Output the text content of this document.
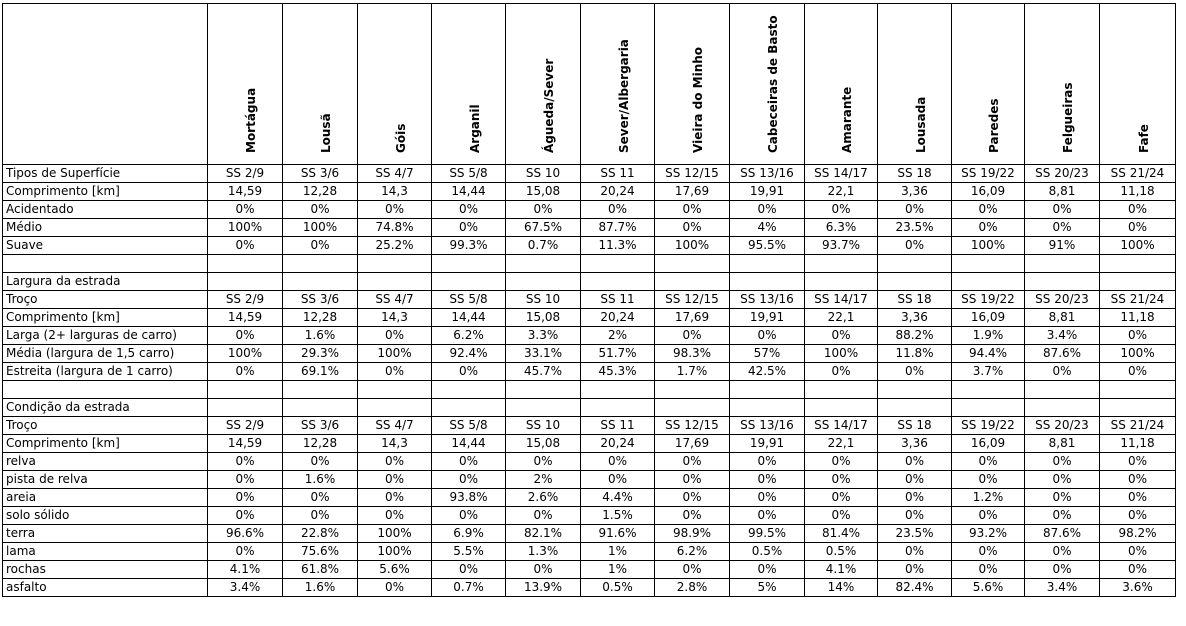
	Mortágua	Lousã	Góis	Arganil	Águeda/Sever	Sever/Albergaria	Vieira do Minho	Cabeceiras de Basto	Amarante	Lousada	Paredes	Felgueiras	Fafe

Tipos de Superfície	SS 2/9	SS 3/6	SS 4/7	SS 5/8	SS 10	SS 11	SS 12/15	SS 13/16	SS 14/17	SS 18	SS 19/22	SS 20/23	SS 21/24
Comprimento [km]	14,59	12,28	14,3	14,44	15,08	20,24	17,69	19,91	22,1	3,36	16,09	8,81	11,18
Acidentado	0%	0%	0%	0%	0%	0%	0%	0%	0%	0%	0%	0%	0%
Médio	100%	100%	74.8%	0%	67.5%	87.7%	0%	4%	6.3%	23.5%	0%	0%	0%
Suave	0%	0%	25.2%	99.3%	0.7%	11.3%	100%	95.5%	93.7%	0%	100%	91%	100%

Largura da estrada													
Troço	SS 2/9	SS 3/6	SS 4/7	SS 5/8	SS 10	SS 11	SS 12/15	SS 13/16	SS 14/17	SS 18	SS 19/22	SS 20/23	SS 21/24
Comprimento [km]	14,59	12,28	14,3	14,44	15,08	20,24	17,69	19,91	22,1	3,36	16,09	8,81	11,18
Larga (2+ larguras de carro)	0%	1.6%	0%	6.2%	3.3%	2%	0%	0%	0%	88.2%	1.9%	3.4%	0%
Média (largura de 1,5 carro)	100%	29.3%	100%	92.4%	33.1%	51.7%	98.3%	57%	100%	11.8%	94.4%	87.6%	100%
Estreita (largura de 1 carro)	0%	69.1%	0%	0%	45.7%	45.3%	1.7%	42.5%	0%	0%	3.7%	0%	0%

Condição da estrada													
Troço	SS 2/9	SS 3/6	SS 4/7	SS 5/8	SS 10	SS 11	SS 12/15	SS 13/16	SS 14/17	SS 18	SS 19/22	SS 20/23	SS 21/24
Comprimento [km]	14,59	12,28	14,3	14,44	15,08	20,24	17,69	19,91	22,1	3,36	16,09	8,81	11,18
relva	0%	0%	0%	0%	0%	0%	0%	0%	0%	0%	0%	0%	0%
pista de relva	0%	1.6%	0%	0%	2%	0%	0%	0%	0%	0%	0%	0%	0%
areia	0%	0%	0%	93.8%	2.6%	4.4%	0%	0%	0%	0%	1.2%	0%	0%
solo sólido	0%	0%	0%	0%	0%	1.5%	0%	0%	0%	0%	0%	0%	0%
terra	96.6%	22.8%	100%	6.9%	82.1%	91.6%	98.9%	99.5%	81.4%	23.5%	93.2%	87.6%	98.2%
lama	0%	75.6%	100%	5.5%	1.3%	1%	6.2%	0.5%	0.5%	0%	0%	0%	0%
rochas	4.1%	61.8%	5.6%	0%	0%	1%	0%	0%	4.1%	0%	0%	0%	0%
asfalto	3.4%	1.6%	0%	0.7%	13.9%	0.5%	2.8%	5%	14%	82.4%	5.6%	3.4%	3.6%
